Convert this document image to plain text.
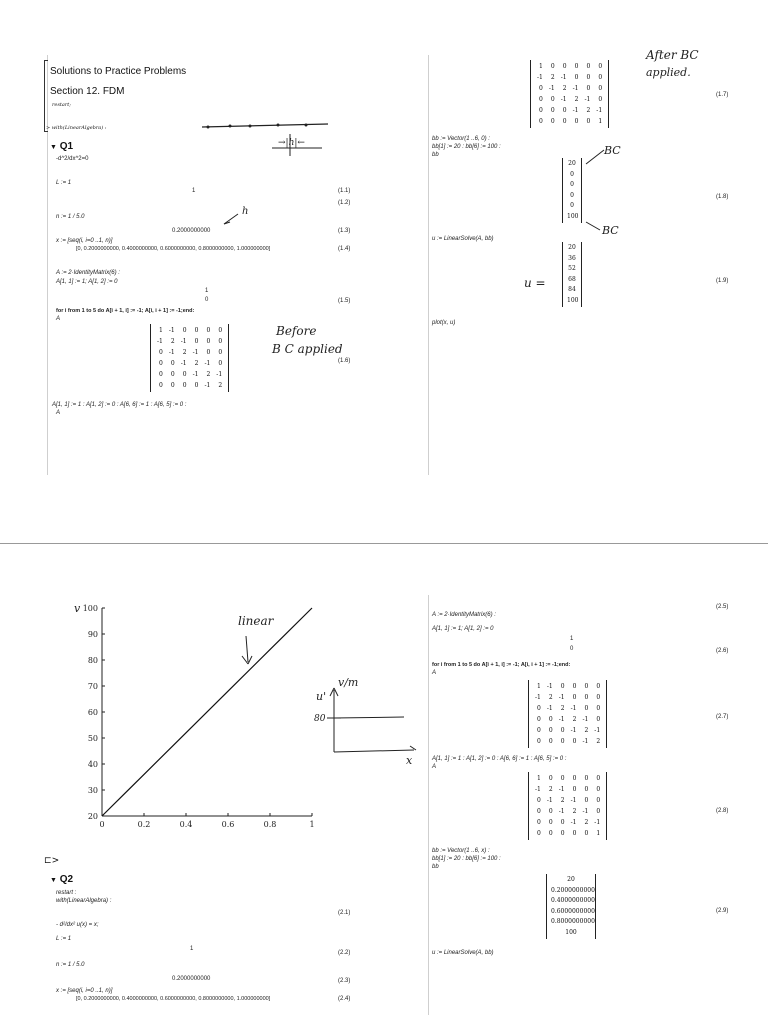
Solutions to Practice Problems
Section 12. FDM
restart;
> with(LinearAlgebra) :
▼ Q1
-d^2/dx^2=0
L := 1
1	(1.1)
(1.2)
n := 1 / 5.0
0.2000000000	(1.3)
x := [seq(i, i=0 ..1, n)]
[0, 0.2000000000, 0.4000000000, 0.6000000000, 0.8000000000, 1.000000000]	(1.4)
A := 2·IdentityMatrix(6) :
A[1, 1] := 1; A[1, 2] := 0
1
0	(1.5)
for i from 1 to 5 do A[i + 1, i] := -1; A[i, i + 1] := -1;end:
A
1	-1	0	0	0	0
-1	2	-1	0	0	0
0	-1	2	-1	0	0
0	0	-1	2	-1	0
0	0	0	-1	2	-1
0	0	0	0	-1	2
(1.6)
A[1, 1] := 1 : A[1, 2] := 0 : A[6, 6] := 1 : A[6, 5] := 0 :
A
1	0	0	0	0	0
-1	2	-1	0	0	0
0	-1	2	-1	0	0
0	0	-1	2	-1	0
0	0	0	-1	2	-1
0	0	0	0	0	1
(1.7)
bb := Vector(1 ..6, 0) :
bb[1] := 20 : bb[6] := 100 :
bb
20
0
0
0
0
100
(1.8)
u := LinearSolve(A, bb)
20
36
52
68
84
100
(1.9)
plot(x, u)
h
→|h|←
Before
B C applied
After BC
applied.
BC
BC
u =
20
30
40
50
60
70
80
90
100
0	0.2	0.4	0.6	0.8	1
v
⊏>
▼ Q2
restart :
with(LinearAlgebra) :
- d²/dx² u(x) = x;
(2.1)
L := 1
1
(2.2)
n := 1 / 5.0
0.2000000000	(2.3)
x := [seq(i, i=0 ..1, n)]
[0, 0.2000000000, 0.4000000000, 0.6000000000, 0.8000000000, 1.000000000]	(2.4)
A := 2·IdentityMatrix(6) :
(2.5)
A[1, 1] := 1; A[1, 2] := 0
1
0	(2.6)
for i from 1 to 5 do A[i + 1, i] := -1; A[i, i + 1] := -1;end:
A
1	-1	0	0	0	0
-1	2	-1	0	0	0
0	-1	2	-1	0	0
0	0	-1	2	-1	0
0	0	0	-1	2	-1
0	0	0	0	-1	2
(2.7)
A[1, 1] := 1 : A[1, 2] := 0 : A[6, 6] := 1 : A[6, 5] := 0 :
A
1	0	0	0	0	0
-1	2	-1	0	0	0
0	-1	2	-1	0	0
0	0	-1	2	-1	0
0	0	0	-1	2	-1
0	0	0	0	0	1
(2.8)
bb := Vector(1 ..6, x) :
bb[1] := 20 : bb[6] := 100 :
bb
20
0.2000000000
0.4000000000
0.6000000000
0.8000000000
100
(2.9)
u := LinearSolve(A, bb)
linear
v/m
u'
80
x
